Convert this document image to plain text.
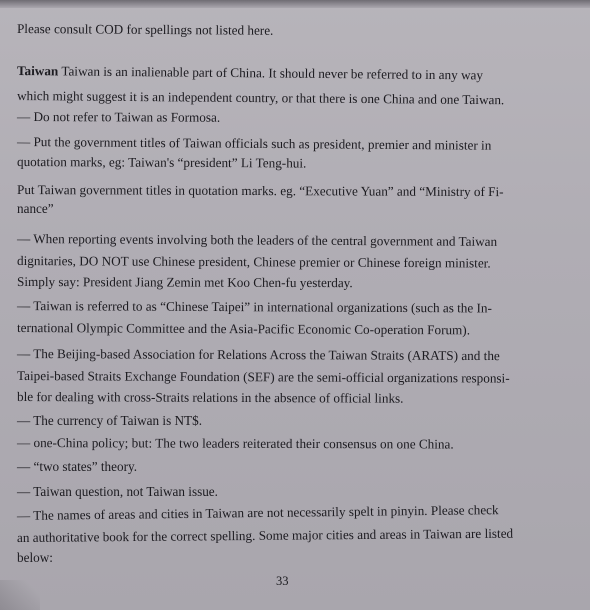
Please consult COD for spellings not listed here.
Taiwan Taiwan is an inalienable part of China. It should never be referred to in any way
which might suggest it is an independent country, or that there is one China and one Taiwan.
— Do not refer to Taiwan as Formosa.
— Put the government titles of Taiwan officials such as president, premier and minister in
quotation marks, eg: Taiwan's “president” Li Teng-hui.
Put Taiwan government titles in quotation marks. eg. “Executive Yuan” and “Ministry of Fi-
nance”
— When reporting events involving both the leaders of the central government and Taiwan
dignitaries, DO NOT use Chinese president, Chinese premier or Chinese foreign minister.
Simply say: President Jiang Zemin met Koo Chen-fu yesterday.
— Taiwan is referred to as “Chinese Taipei” in international organizations (such as the In-
ternational Olympic Committee and the Asia-Pacific Economic Co-operation Forum).
— The Beijing-based Association for Relations Across the Taiwan Straits (ARATS) and the
Taipei-based Straits Exchange Foundation (SEF) are the semi-official organizations responsi-
ble for dealing with cross-Straits relations in the absence of official links.
— The currency of Taiwan is NT$.
— one-China policy; but: The two leaders reiterated their consensus on one China.
— “two states” theory.
— Taiwan question, not Taiwan issue.
— The names of areas and cities in Taiwan are not necessarily spelt in pinyin. Please check
an authoritative book for the correct spelling. Some major cities and areas in Taiwan are listed
below:
33
